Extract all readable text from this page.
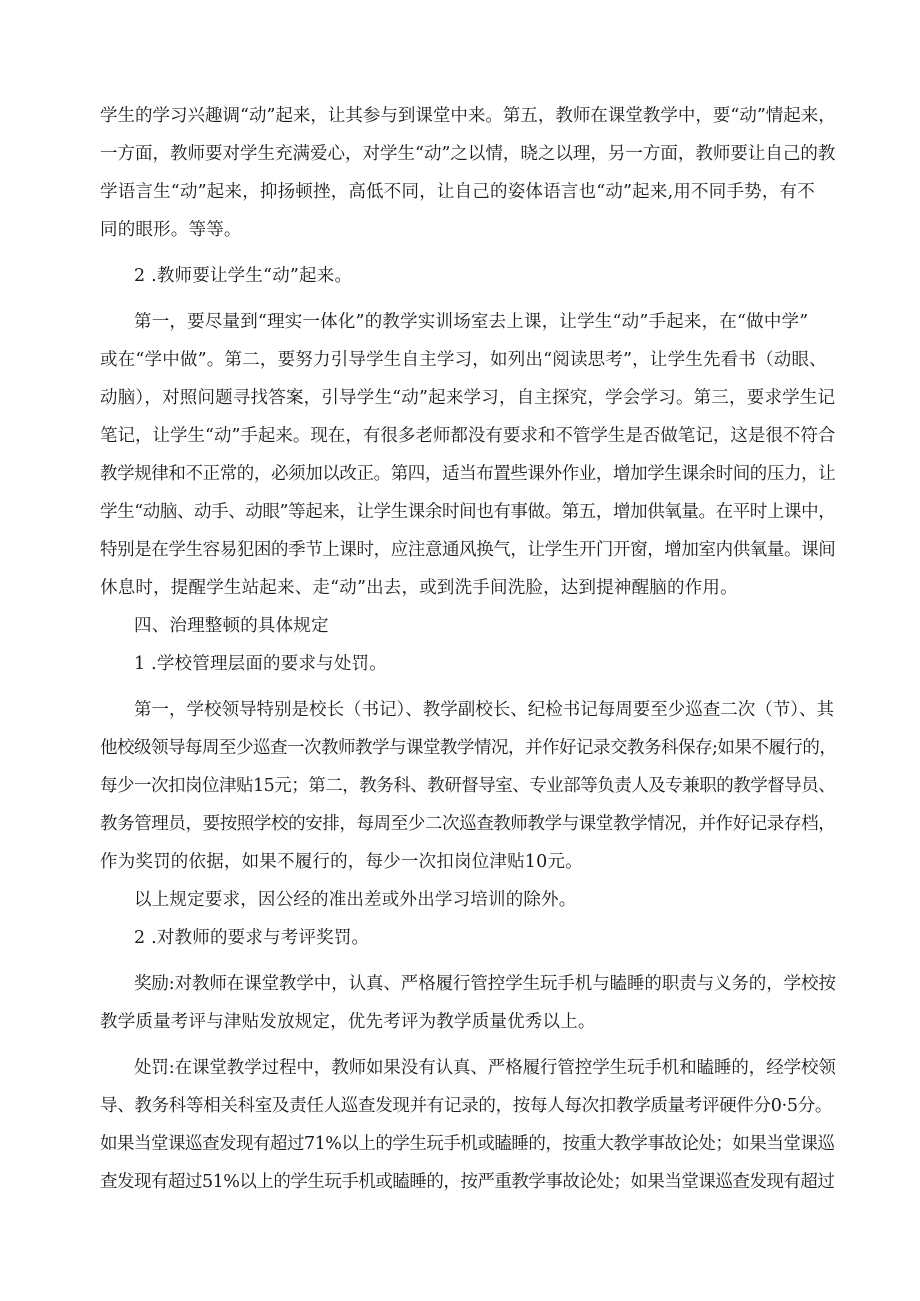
学生的学习兴趣调“动”起来，让其参与到课堂中来。第五，教师在课堂教学中，要“动”情起来，
一方面，教师要对学生充满爱心，对学生“动”之以情，晓之以理，另一方面，教师要让自己的教
学语言生“动”起来，抑扬顿挫，高低不同，让自己的姿体语言也“动”起来,用不同手势，有不
同的眼形。等等。
2 .教师要让学生“动”起来。
第一，要尽量到“理实一体化”的教学实训场室去上课，让学生“动”手起来，在“做中学”
或在“学中做”。第二，要努力引导学生自主学习，如列出“阅读思考”，让学生先看书（动眼、
动脑），对照问题寻找答案，引导学生“动”起来学习，自主探究，学会学习。第三，要求学生记
笔记，让学生“动”手起来。现在，有很多老师都没有要求和不管学生是否做笔记，这是很不符合
教学规律和不正常的，必须加以改正。第四，适当布置些课外作业，增加学生课余时间的压力，让
学生“动脑、动手、动眼”等起来，让学生课余时间也有事做。第五，增加供氧量。在平时上课中，
特别是在学生容易犯困的季节上课时，应注意通风换气，让学生开门开窗，增加室内供氧量。课间
休息时，提醒学生站起来、走“动”出去，或到洗手间洗脸，达到提神醒脑的作用。
四、治理整顿的具体规定
1 .学校管理层面的要求与处罚。
第一，学校领导特别是校长（书记）、教学副校长、纪检书记每周要至少巡查二次（节）、其
他校级领导每周至少巡查一次教师教学与课堂教学情况，并作好记录交教务科保存;如果不履行的，
每少一次扣岗位津贴15元；第二，教务科、教研督导室、专业部等负责人及专兼职的教学督导员、
教务管理员，要按照学校的安排，每周至少二次巡查教师教学与课堂教学情况，并作好记录存档，
作为奖罚的依据，如果不履行的，每少一次扣岗位津贴10元。
以上规定要求，因公经的准出差或外出学习培训的除外。
2 .对教师的要求与考评奖罚。
奖励:对教师在课堂教学中，认真、严格履行管控学生玩手机与瞌睡的职责与义务的，学校按
教学质量考评与津贴发放规定，优先考评为教学质量优秀以上。
处罚:在课堂教学过程中，教师如果没有认真、严格履行管控学生玩手机和瞌睡的，经学校领
导、教务科等相关科室及责任人巡查发现并有记录的，按每人每次扣教学质量考评硬件分0·5分。
如果当堂课巡查发现有超过71%以上的学生玩手机或瞌睡的，按重大教学事故论处；如果当堂课巡
查发现有超过51%以上的学生玩手机或瞌睡的，按严重教学事故论处；如果当堂课巡查发现有超过
